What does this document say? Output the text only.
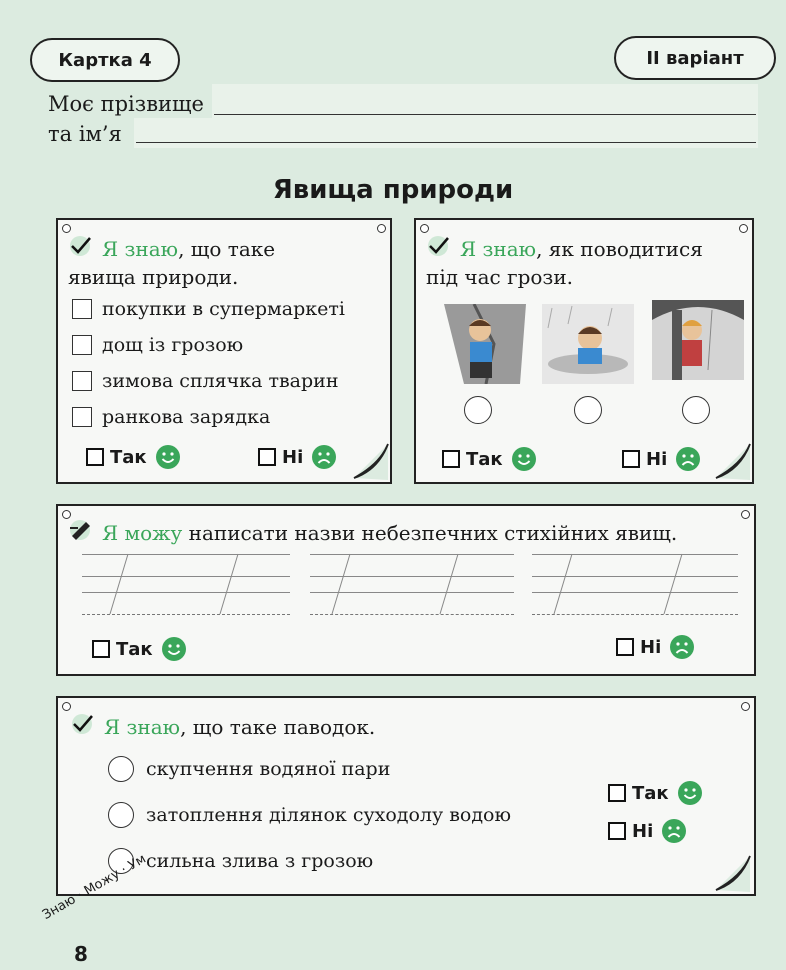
Картка 4	ІІ варіант
Моє прізвище
та ім’я
Явища природи
Я знаю, що таке
явища природи.
покупки в супермаркеті
дощ із грозою
зимова сплячка тварин
ранкова зарядка
Так	Ні
Я знаю, як поводитися
під час грози.
Так	Ні
Я можу написати назви небезпечних стихійних явищ.
Так	Ні
Я знаю, що таке паводок.
скупчення водяної пари
затоплення ділянок суходолу водою
сильна злива з грозою
Так
Ні
Знаю · Можу · Ум
8
